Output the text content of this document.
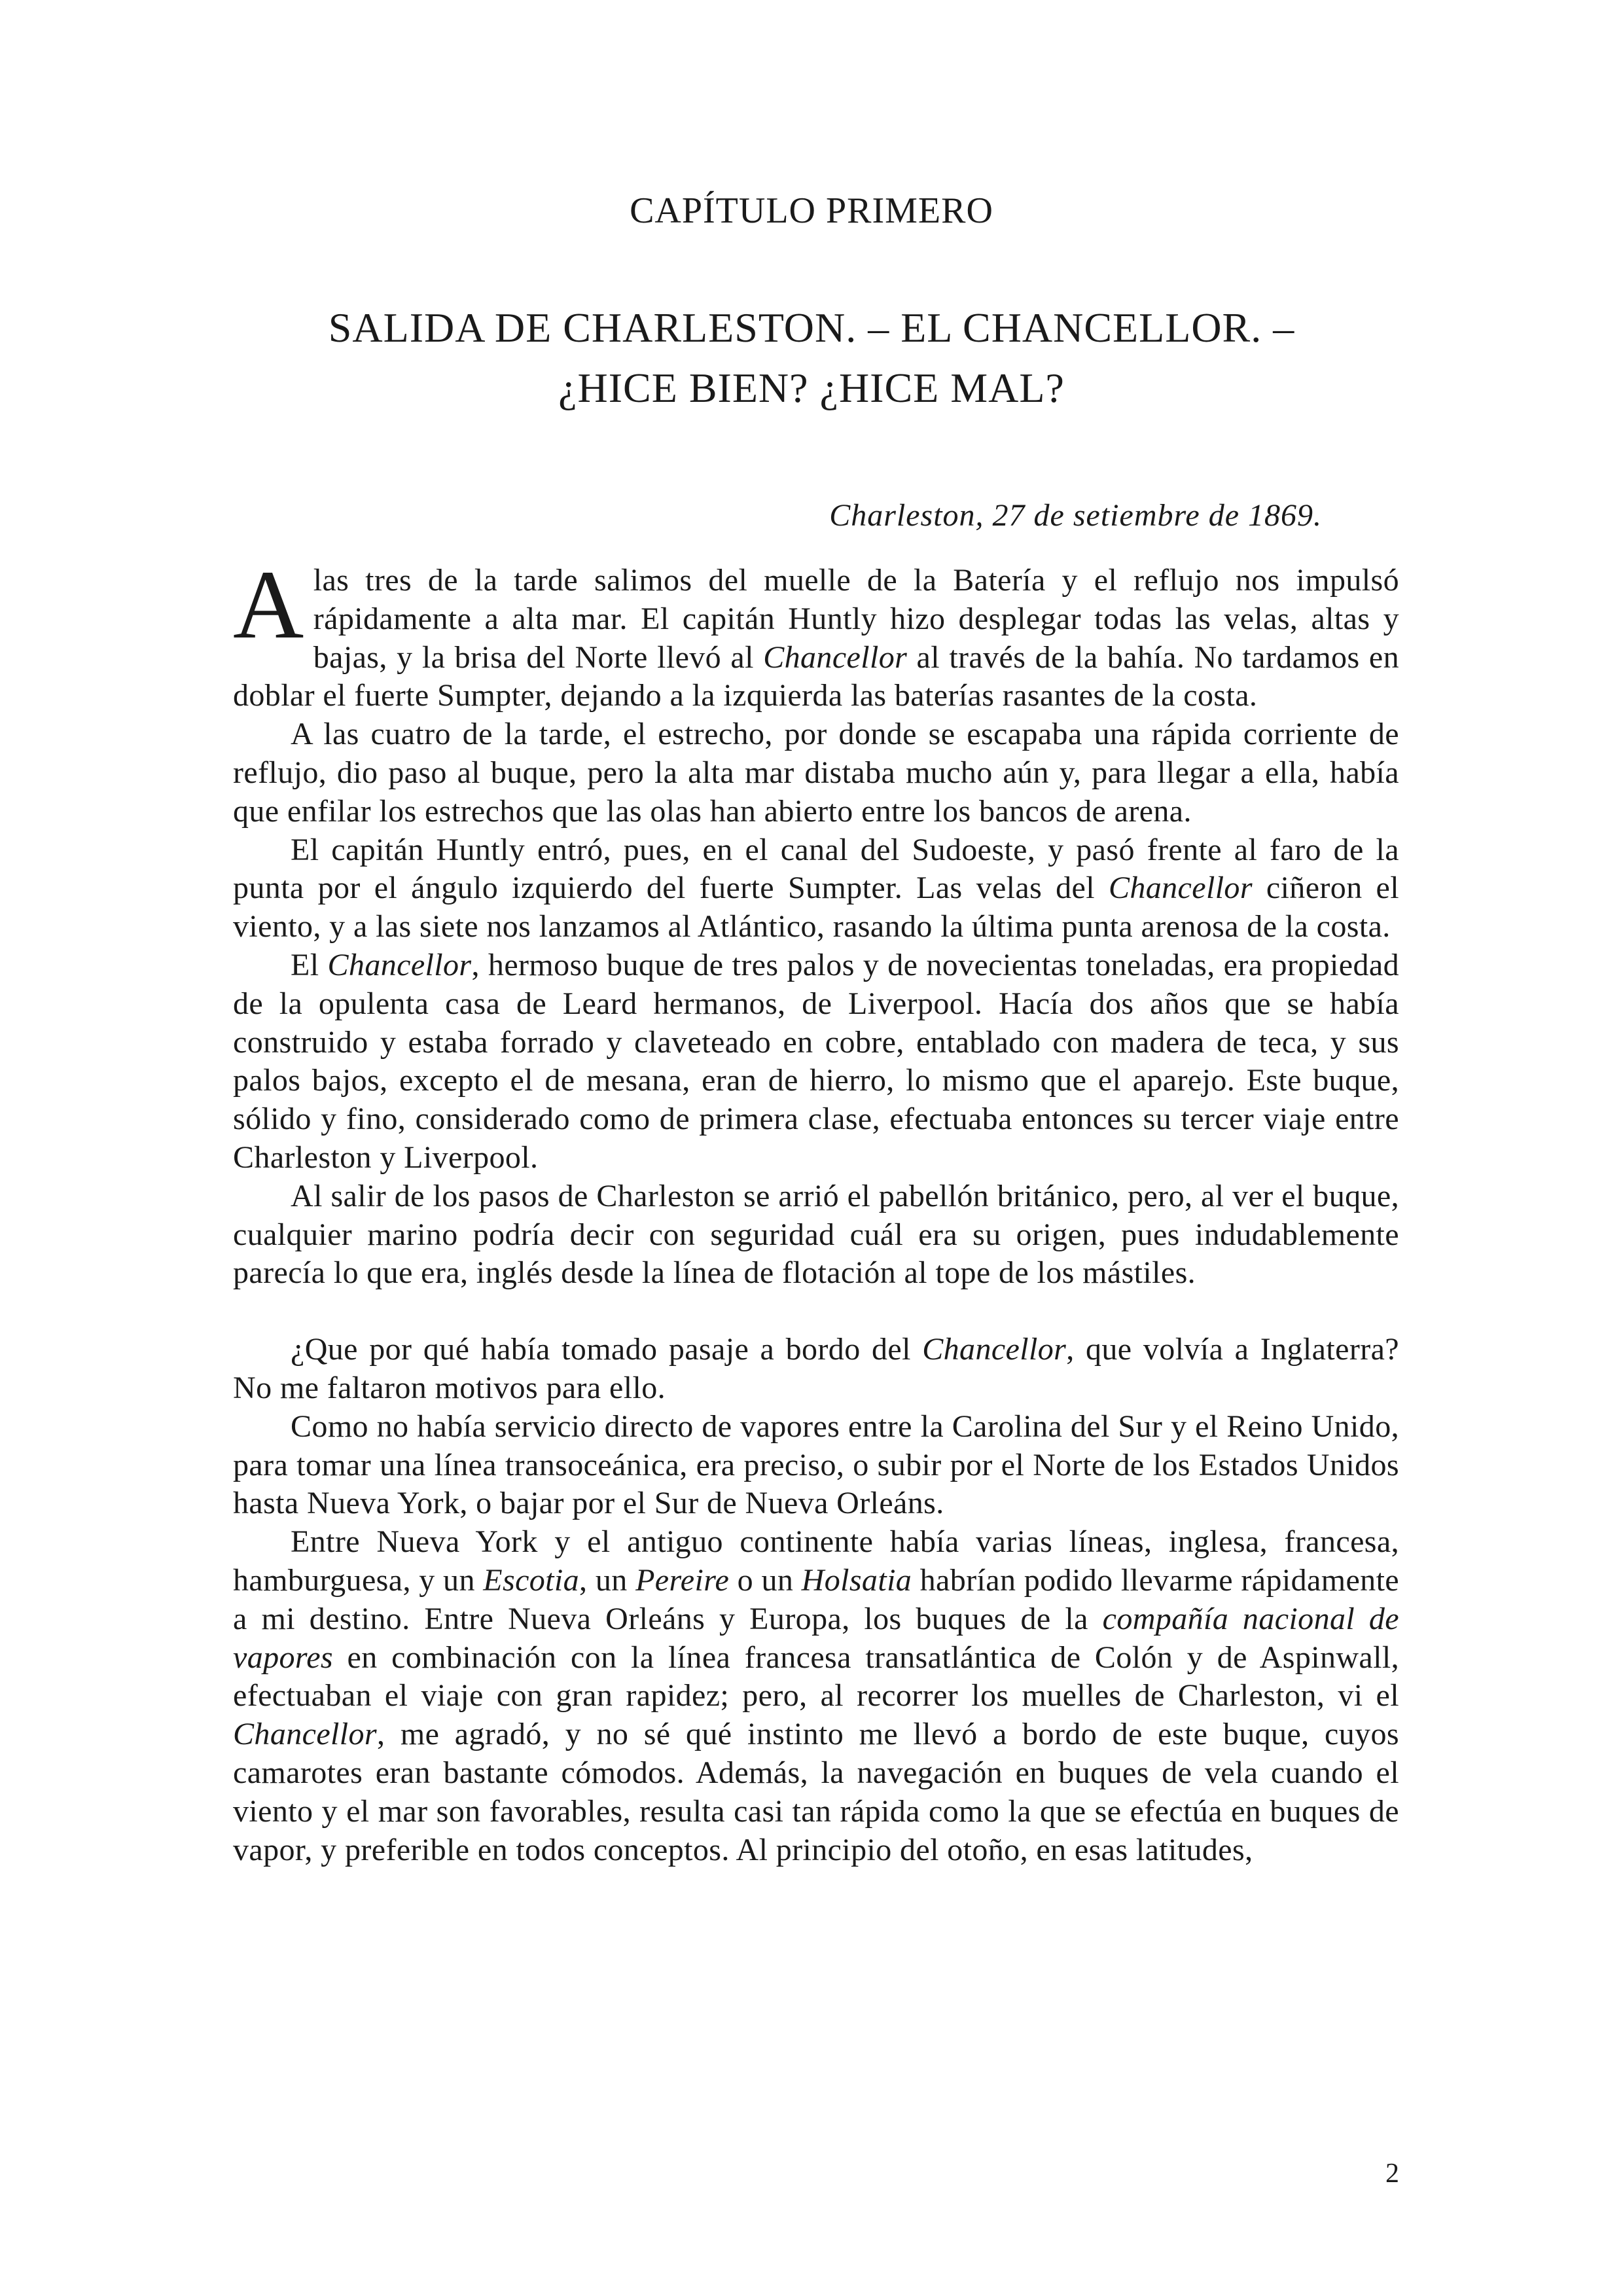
CAPÍTULO PRIMERO
SALIDA DE CHARLESTON. – EL CHANCELLOR. –
¿HICE BIEN? ¿HICE MAL?
Charleston, 27 de setiembre de 1869.

Alas tres de la tarde salimos del muelle de la Batería y el reflujo nos impulsó rápidamente a alta mar. El capitán Huntly hizo desplegar todas las velas, altas y bajas, y la brisa del Norte llevó al Chancellor al través de la bahía. No tardamos en doblar el fuerte Sumpter, dejando a la izquierda las baterías rasantes de la costa.

A las cuatro de la tarde, el estrecho, por donde se escapaba una rápida corriente de reflujo, dio paso al buque, pero la alta mar distaba mucho aún y, para llegar a ella, había que enfilar los estrechos que las olas han abierto entre los bancos de arena.

El capitán Huntly entró, pues, en el canal del Sudoeste, y pasó frente al faro de la punta por el ángulo izquierdo del fuerte Sumpter. Las velas del Chancellor ciñeron el viento, y a las siete nos lanzamos al Atlántico, rasando la última punta arenosa de la costa.

El Chancellor, hermoso buque de tres palos y de novecientas toneladas, era propiedad de la opulenta casa de Leard hermanos, de Liverpool. Hacía dos años que se había construido y estaba forrado y claveteado en cobre, entablado con madera de teca, y sus palos bajos, excepto el de mesana, eran de hierro, lo mismo que el aparejo. Este buque, sólido y fino, considerado como de primera clase, efectuaba entonces su tercer viaje entre Charleston y Liverpool.

Al salir de los pasos de Charleston se arrió el pabellón británico, pero, al ver el buque, cualquier marino podría decir con seguridad cuál era su origen, pues indudablemente parecía lo que era, inglés desde la línea de flotación al tope de los mástiles.

¿Que por qué había tomado pasaje a bordo del Chancellor, que volvía a Inglaterra? No me faltaron motivos para ello.

Como no había servicio directo de vapores entre la Carolina del Sur y el Reino Unido, para tomar una línea transoceánica, era preciso, o subir por el Norte de los Estados Unidos hasta Nueva York, o bajar por el Sur de Nueva Orleáns.

Entre Nueva York y el antiguo continente había varias líneas, inglesa, francesa, hamburguesa, y un Escotia, un Pereire o un Holsatia habrían podido llevarme rápidamente a mi destino. Entre Nueva Orleáns y Europa, los buques de la compañía nacional de vapores en combinación con la línea francesa transatlántica de Colón y de Aspinwall, efectuaban el viaje con gran rapidez; pero, al recorrer los muelles de Charleston, vi el Chancellor, me agradó, y no sé qué instinto me llevó a bordo de este buque, cuyos camarotes eran bastante cómodos. Además, la navegación en buques de vela cuando el viento y el mar son favorables, resulta casi tan rápida como la que se efectúa en buques de vapor, y preferible en todos conceptos. Al principio del otoño, en esas latitudes,

2
